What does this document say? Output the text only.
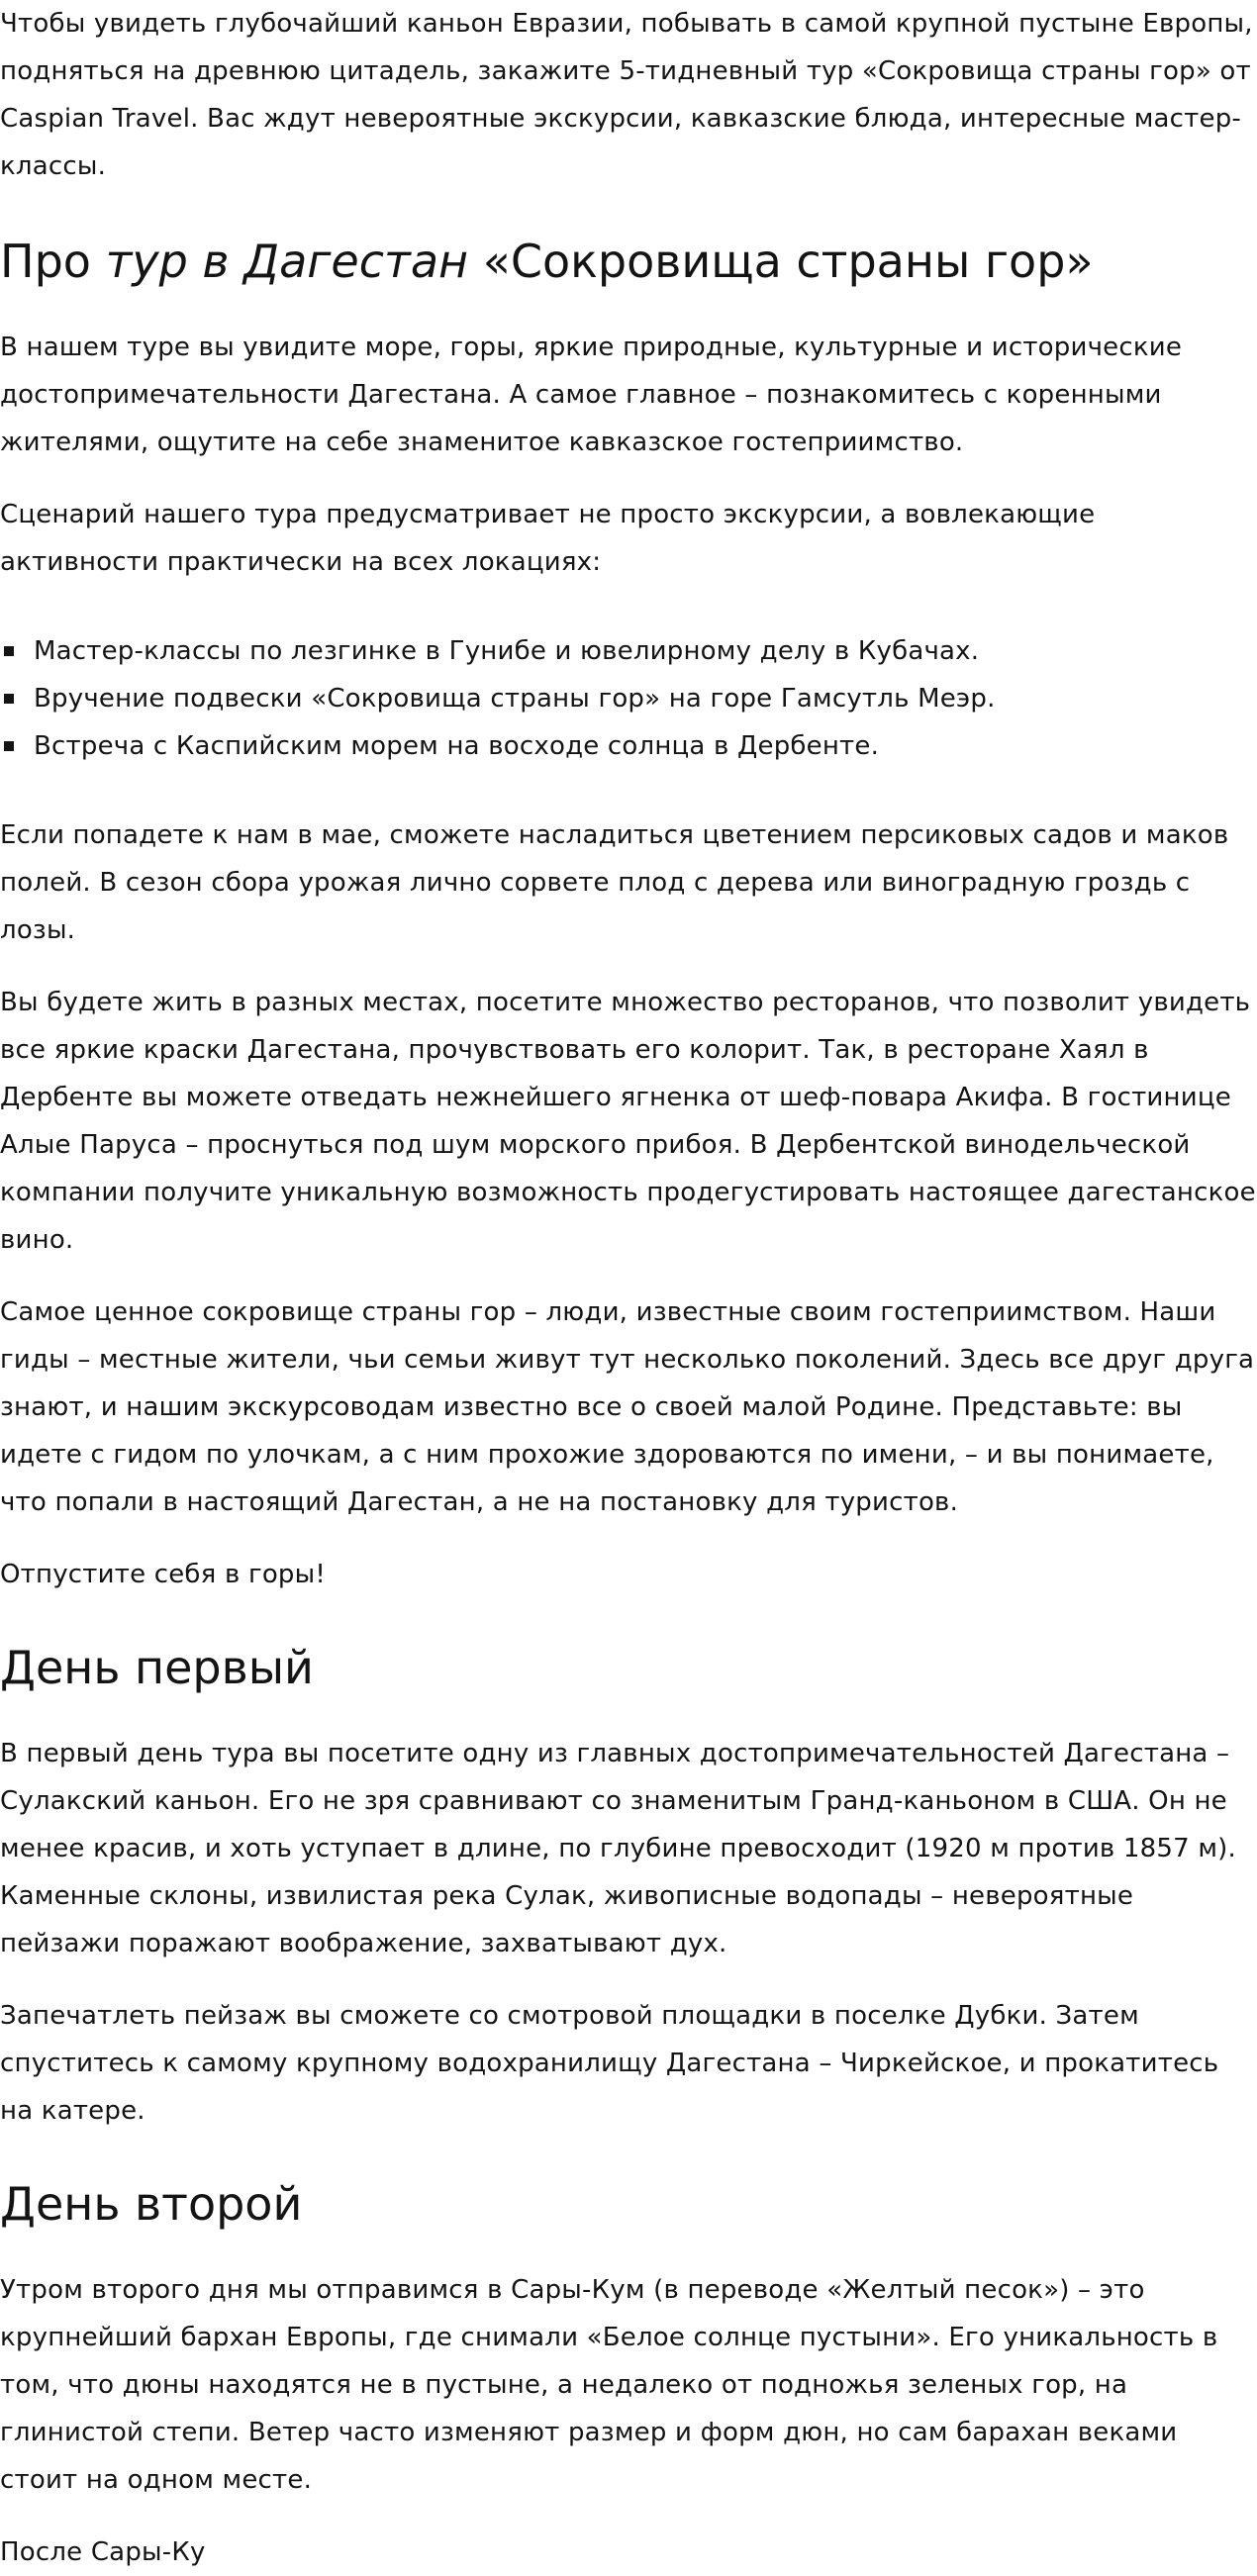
Чтобы увидеть глубочайший каньон Евразии, побывать в самой крупной пустыне Европы, подняться на древнюю цитадель, закажите 5-тидневный тур «Сокровища страны гор» от Caspian Travel. Вас ждут невероятные экскурсии, кавказские блюда, интересные мастер-классы.

Про тур в Дагестан «Сокровища страны гор»

В нашем туре вы увидите море, горы, яркие природные, культурные и исторические достопримечательности Дагестана. А самое главное – познакомитесь с коренными жителями, ощутите на себе знаменитое кавказское гостеприимство.

Сценарий нашего тура предусматривает не просто экскурсии, а вовлекающие активности практически на всех локациях:

Мастер-классы по лезгинке в Гунибе и ювелирному делу в Кубачах.
Вручение подвески «Сокровища страны гор» на горе Гамсутль Меэр.
Встреча с Каспийским морем на восходе солнца в Дербенте.

Если попадете к нам в мае, сможете насладиться цветением персиковых садов и маков полей. В сезон сбора урожая лично сорвете плод с дерева или виноградную гроздь с лозы.

Вы будете жить в разных местах, посетите множество ресторанов, что позволит увидеть все яркие краски Дагестана, прочувствовать его колорит. Так, в ресторане Хаял в Дербенте вы можете отведать нежнейшего ягненка от шеф-повара Акифа. В гостинице Алые Паруса – проснуться под шум морского прибоя. В Дербентской винодельческой компании получите уникальную возможность продегустировать настоящее дагестанское вино.

Самое ценное сокровище страны гор – люди, известные своим гостеприимством. Наши гиды – местные жители, чьи семьи живут тут несколько поколений. Здесь все друг друга знают, и нашим экскурсоводам известно все о своей малой Родине. Представьте: вы идете с гидом по улочкам, а с ним прохожие здороваются по имени, – и вы понимаете, что попали в настоящий Дагестан, а не на постановку для туристов.

Отпустите себя в горы!

День первый

В первый день тура вы посетите одну из главных достопримечательностей Дагестана – Сулакский каньон. Его не зря сравнивают со знаменитым Гранд-каньоном в США. Он не менее красив, и хоть уступает в длине, по глубине превосходит (1920 м против 1857 м). Каменные склоны, извилистая река Сулак, живописные водопады – невероятные пейзажи поражают воображение, захватывают дух.

Запечатлеть пейзаж вы сможете со смотровой площадки в поселке Дубки. Затем спуститесь к самому крупному водохранилищу Дагестана – Чиркейское, и прокатитесь на катере.

День второй

Утром второго дня мы отправимся в Сары-Кум (в переводе «Желтый песок») – это крупнейший бархан Европы, где снимали «Белое солнце пустыни». Его уникальность в том, что дюны находятся не в пустыне, а недалеко от подножья зеленых гор, на глинистой степи. Ветер часто изменяют размер и форм дюн, но сам барахан веками стоит на одном месте.

После Сары-Ку
